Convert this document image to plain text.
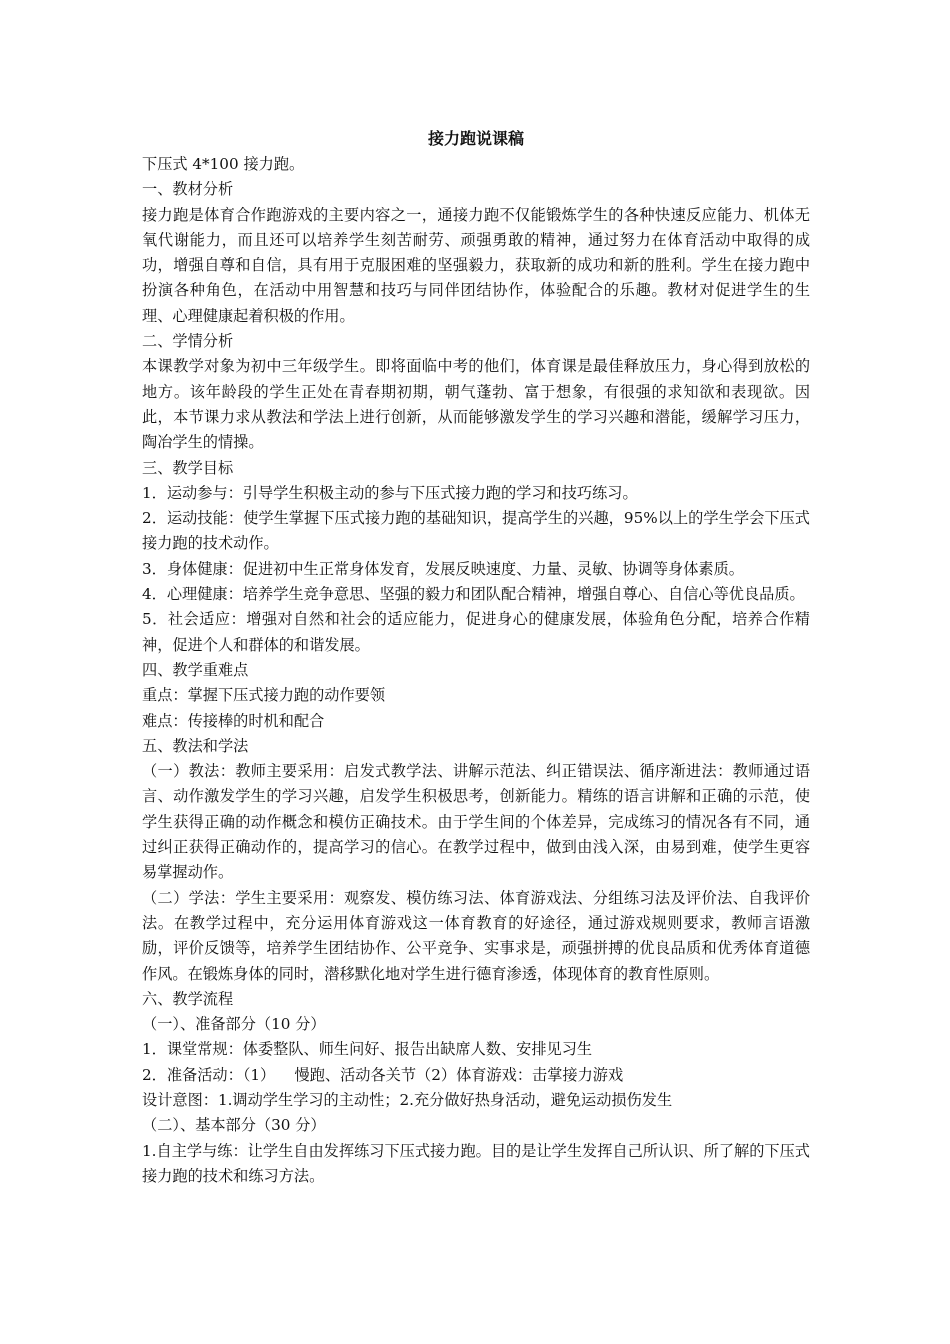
接力跑说课稿

下压式 4*100 接力跑。

一、教材分析

接力跑是体育合作跑游戏的主要内容之一，通接力跑不仅能锻炼学生的各种快速反应能力、机体无氧代谢能力，而且还可以培养学生刻苦耐劳、顽强勇敢的精神，通过努力在体育活动中取得的成功，增强自尊和自信，具有用于克服困难的坚强毅力，获取新的成功和新的胜利。学生在接力跑中扮演各种角色，在活动中用智慧和技巧与同伴团结协作，体验配合的乐趣。教材对促进学生的生理、心理健康起着积极的作用。

二、学情分析

本课教学对象为初中三年级学生。即将面临中考的他们，体育课是最佳释放压力，身心得到放松的地方。该年龄段的学生正处在青春期初期，朝气蓬勃、富于想象，有很强的求知欲和表现欲。因此，本节课力求从教法和学法上进行创新，从而能够激发学生的学习兴趣和潜能，缓解学习压力，陶冶学生的情操。

三、教学目标

1．运动参与：引导学生积极主动的参与下压式接力跑的学习和技巧练习。

2．运动技能：使学生掌握下压式接力跑的基础知识，提高学生的兴趣，95%以上的学生学会下压式接力跑的技术动作。

3．身体健康：促进初中生正常身体发育，发展反映速度、力量、灵敏、协调等身体素质。

4．心理健康：培养学生竞争意思、坚强的毅力和团队配合精神，增强自尊心、自信心等优良品质。

5．社会适应：增强对自然和社会的适应能力，促进身心的健康发展，体验角色分配，培养合作精神，促进个人和群体的和谐发展。

四、教学重难点

重点：掌握下压式接力跑的动作要领

难点：传接棒的时机和配合

五、教法和学法

（一）教法：教师主要采用：启发式教学法、讲解示范法、纠正错误法、循序渐进法：教师通过语言、动作激发学生的学习兴趣，启发学生积极思考，创新能力。精练的语言讲解和正确的示范，使学生获得正确的动作概念和模仿正确技术。由于学生间的个体差异，完成练习的情况各有不同，通过纠正获得正确动作的，提高学习的信心。在教学过程中，做到由浅入深，由易到难，使学生更容易掌握动作。

（二）学法：学生主要采用：观察发、模仿练习法、体育游戏法、分组练习法及评价法、自我评价法。在教学过程中，充分运用体育游戏这一体育教育的好途径，通过游戏规则要求，教师言语激励，评价反馈等，培养学生团结协作、公平竞争、实事求是，顽强拼搏的优良品质和优秀体育道德作风。在锻炼身体的同时，潜移默化地对学生进行德育渗透，体现体育的教育性原则。

六、教学流程

（一）、准备部分（10 分）

1．课堂常规：体委整队、师生问好、报告出缺席人数、安排见习生

2．准备活动：（1）    慢跑、活动各关节（2）体育游戏：击掌接力游戏

设计意图：1.调动学生学习的主动性；2.充分做好热身活动，避免运动损伤发生

（二）、基本部分（30 分）

1.自主学与练：让学生自由发挥练习下压式接力跑。目的是让学生发挥自己所认识、所了解的下压式接力跑的技术和练习方法。
